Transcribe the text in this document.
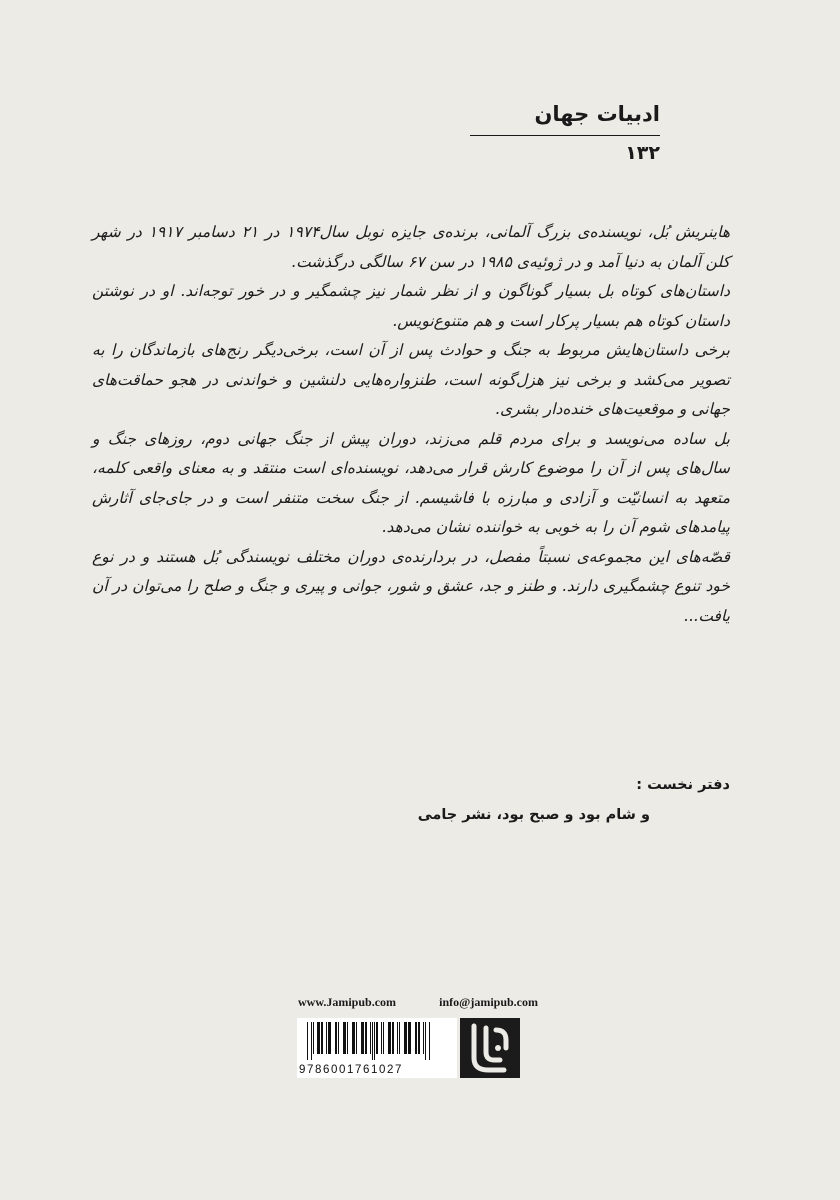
ادبیات جهان
۱۳۲

هاینریش بُل، نویسنده‌ی بزرگ آلمانی، برنده‌ی جایزه نوبل سال۱۹۷۴ در ۲۱ دسامبر ۱۹۱۷ در شهر کلن آلمان به دنیا آمد و در ژوئیه‌ی ۱۹۸۵ در سن ۶۷ سالگی درگذشت.

داستان‌های کوتاه بل بسیار گوناگون و از نظر شمار نیز چشمگیر و در خور توجه‌اند. او در نوشتن داستان کوتاه هم بسیار پرکار است و هم متنوع‌نویس.

برخی داستان‌هایش مربوط به جنگ و حوادث پس از آن است، برخی‌دیگر رنج‌های بازماندگان را به تصویر می‌کشد و برخی نیز هزل‌گونه است، طنزواره‌هایی دلنشین و خواندنی در هجو حماقت‌های جهانی و موقعیت‌های خنده‌دار بشری.

بل ساده می‌نویسد و برای مردم قلم می‌زند، دوران پیش از جنگ جهانی دوم، روزهای جنگ و سال‌های پس از آن را موضوع کارش قرار می‌دهد، نویسنده‌ای است منتقد و به معنای واقعی کلمه، متعهد به انسانیّت و آزادی و مبارزه با فاشیسم. از جنگ سخت متنفر است و در جای‌جای آثارش پیامدهای شوم آن را به خوبی به خواننده نشان می‌دهد.

قصّه‌های این مجموعه‌ی نسبتاً مفصل، در بردارنده‌ی دوران مختلف نویسندگی بُل هستند و در نوع خود تنوع چشمگیری دارند. و طنز و جد، عشق و شور، جوانی و پیری و جنگ و صلح را می‌توان در آن یافت...

دفتر نخست :
و شام بود و صبح بود، نشر جامی
www.Jamipub.com	info@jamipub.com
9786001761027
